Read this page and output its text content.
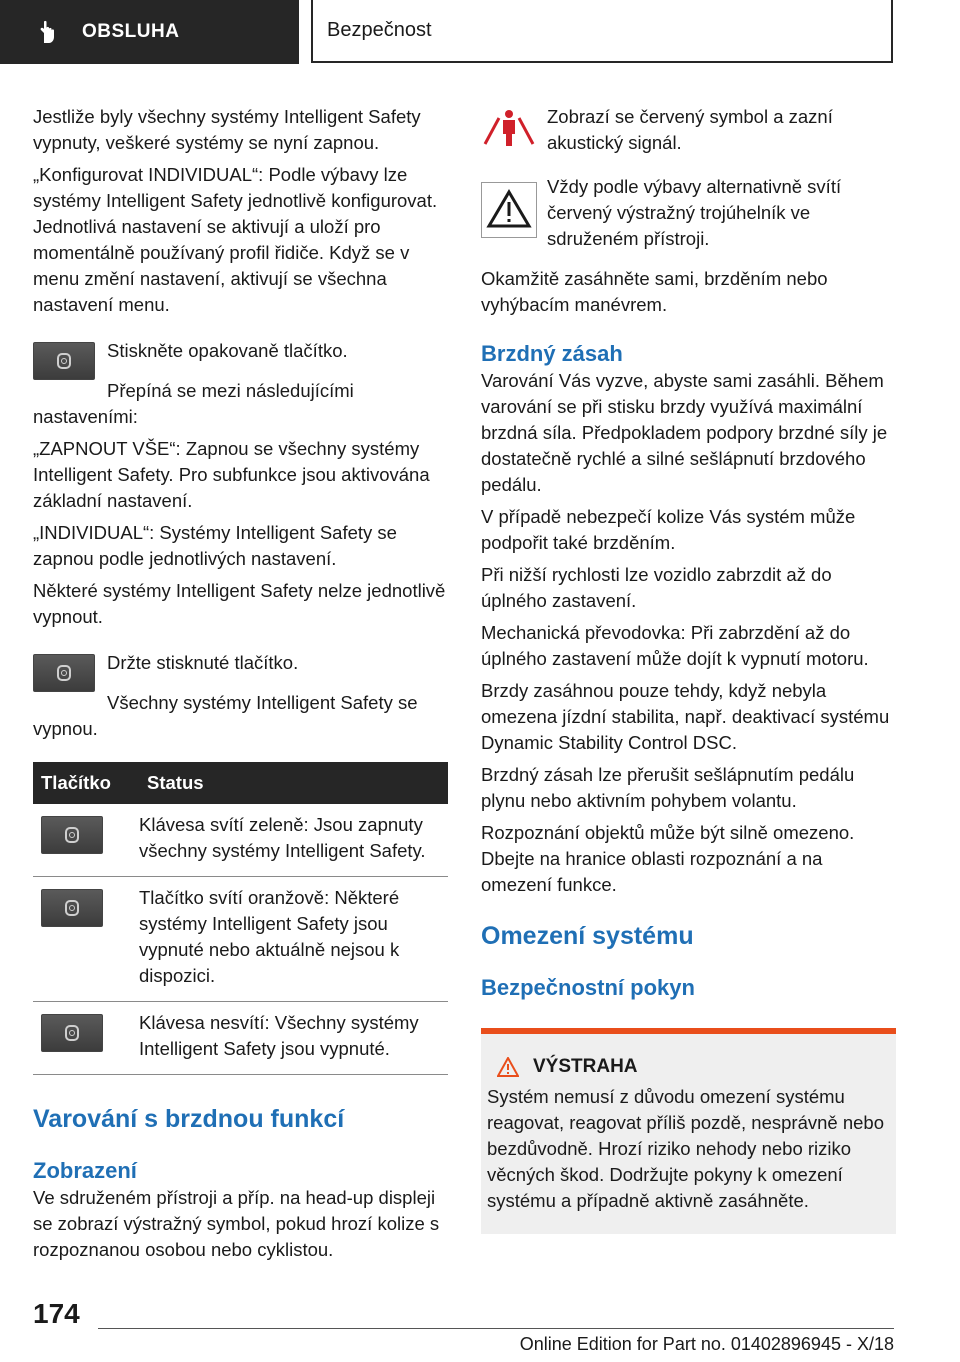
OBSLUHA	Bezpečnost

Jestliže byly všechny systémy Intelligent Safety vypnuty, veškeré systémy se nyní zapnou.

„Konfigurovat INDIVIDUAL“: Podle výbavy lze systémy Intelligent Safety jednotlivě konfigurovat. Jednotlivá nastavení se aktivují a uloží pro momentálně používaný profil řidiče. Když se v menu změní nastavení, aktivují se všechna nastavení menu.

Stiskněte opakovaně tlačítko.

Přepíná se mezi následujícími nastaveními:

„ZAPNOUT VŠE“: Zapnou se všechny systémy Intelligent Safety. Pro subfunkce jsou aktivována základní nastavení.

„INDIVIDUAL“: Systémy Intelligent Safety se zapnou podle jednotlivých nastavení.

Některé systémy Intelligent Safety nelze jednotlivě vypnout.

Držte stisknuté tlačítko.

Všechny systémy Intelligent Safety se vypnou.

Tlačítko	Status

	Klávesa svítí zeleně: Jsou zapnuty všechny systémy Intelligent Safety.

	Tlačítko svítí oranžově: Některé systémy Intelligent Safety jsou vypnuté nebo aktuálně nejsou k dispozici.

	Klávesa nesvítí: Všechny systémy Intelligent Safety jsou vypnuté.
Varování s brzdnou funkcí
Zobrazení

Ve sdruženém přístroji a příp. na head-up displeji se zobrazí výstražný symbol, pokud hrozí kolize s rozpoznanou osobou nebo cyklistou.

Zobrazí se červený symbol a zazní akustický signál.

Vždy podle výbavy alternativně svítí červený výstražný trojúhelník ve sdruženém přístroji.

Okamžitě zasáhněte sami, brzděním nebo vyhýbacím manévrem.

Brzdný zásah

Varování Vás vyzve, abyste sami zasáhli. Během varování se při stisku brzdy využívá maximální brzdná síla. Předpokladem podpory brzdné síly je dostatečně rychlé a silné sešlápnutí brzdového pedálu.

V případě nebezpečí kolize Vás systém může podpořit také brzděním.

Při nižší rychlosti lze vozidlo zabrzdit až do úplného zastavení.

Mechanická převodovka: Při zabrzdění až do úplného zastavení může dojít k vypnutí motoru.

Brzdy zasáhnou pouze tehdy, když nebyla omezena jízdní stabilita, např. deaktivací systému Dynamic Stability Control DSC.

Brzdný zásah lze přerušit sešlápnutím pedálu plynu nebo aktivním pohybem volantu.

Rozpoznání objektů může být silně omezeno. Dbejte na hranice oblasti rozpoznání a na omezení funkce.

Omezení systému
Bezpečnostní pokyn
VÝSTRAHA

Systém nemusí z důvodu omezení systému reagovat, reagovat příliš pozdě, nesprávně nebo bezdůvodně. Hrozí riziko nehody nebo riziko věcných škod. Dodržujte pokyny k omezení systému a případně aktivně zasáhněte.

174
Online Edition for Part no. 01402896945 - X/18
